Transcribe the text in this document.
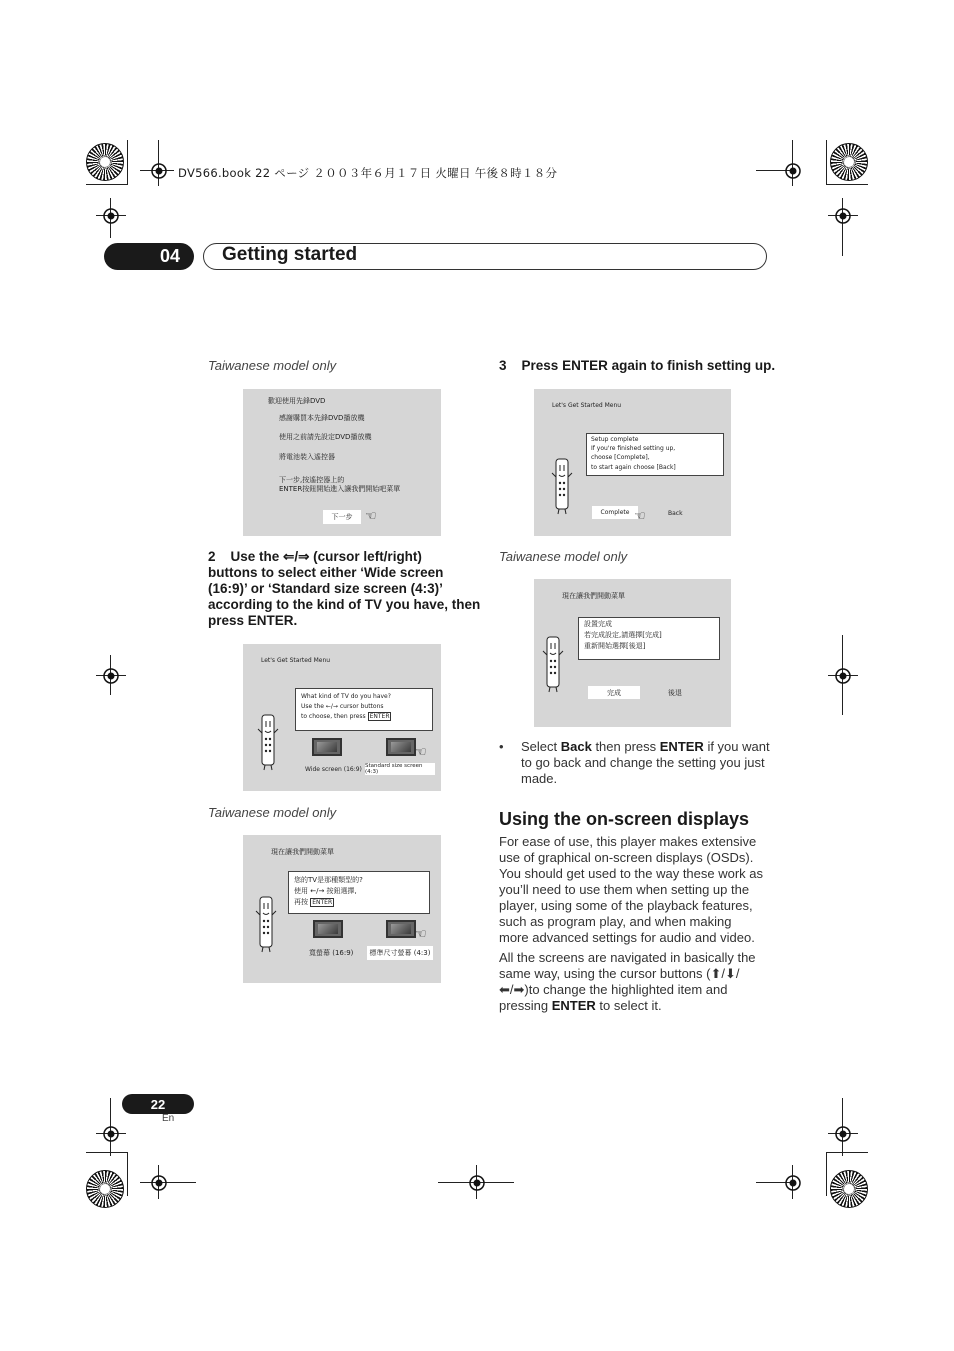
DV566.book 22 ページ ２００３年６月１７日 火曜日 午後８時１８分
04	Getting started
Taiwanese model only
歡迎使用先鋒DVD
感謝購買本先鋒DVD播放機
使用之前請先設定DVD播放機
將電池裝入遙控器
下一步,按遙控器上的
ENTER按鈕開始進入讓我們開始吧菜單
下一步 ☜
2 Use the ⇐/⇒ (cursor left/right)
buttons to select either ‘Wide screen
(16:9)’ or ‘Standard size screen (4:3)’
according to the kind of TV you have, then
press ENTER.
Let's Get Started Menu
What kind of TV do you have?
Use the ←/→ cursor buttons
to choose, then press ENTER
☜
Wide screen (16:9) Standard size screen (4:3)
Taiwanese model only
現在讓我們開動菜單
您的TV是那種類型的?
使用 ←/→ 按鈕選擇,
再按 ENTER
☜
寬螢幕 (16:9)	標準尺寸螢幕 (4:3)
3 Press ENTER again to finish setting up.
Let's Get Started Menu
Setup complete
If you're finished setting up,
choose [Complete],
to start again choose [Back]
Complete ☜	Back
Taiwanese model only
現在讓我們開動菜單
設置完成
若完成設定,請選擇[完成]
重新開始選擇[後退]
完成	後退
• Select Back then press ENTER if you want
to go back and change the setting you just
made.
Using the on-screen displays
For ease of use, this player makes extensive
use of graphical on-screen displays (OSDs).
You should get used to the way these work as
you’ll need to use them when setting up the
player, using some of the playback features,
such as program play, and when making
more advanced settings for audio and video.
All the screens are navigated in basically the
same way, using the cursor buttons (⬆/⬇/
⬅/➡)to change the highlighted item and
pressing ENTER to select it.
22
En
